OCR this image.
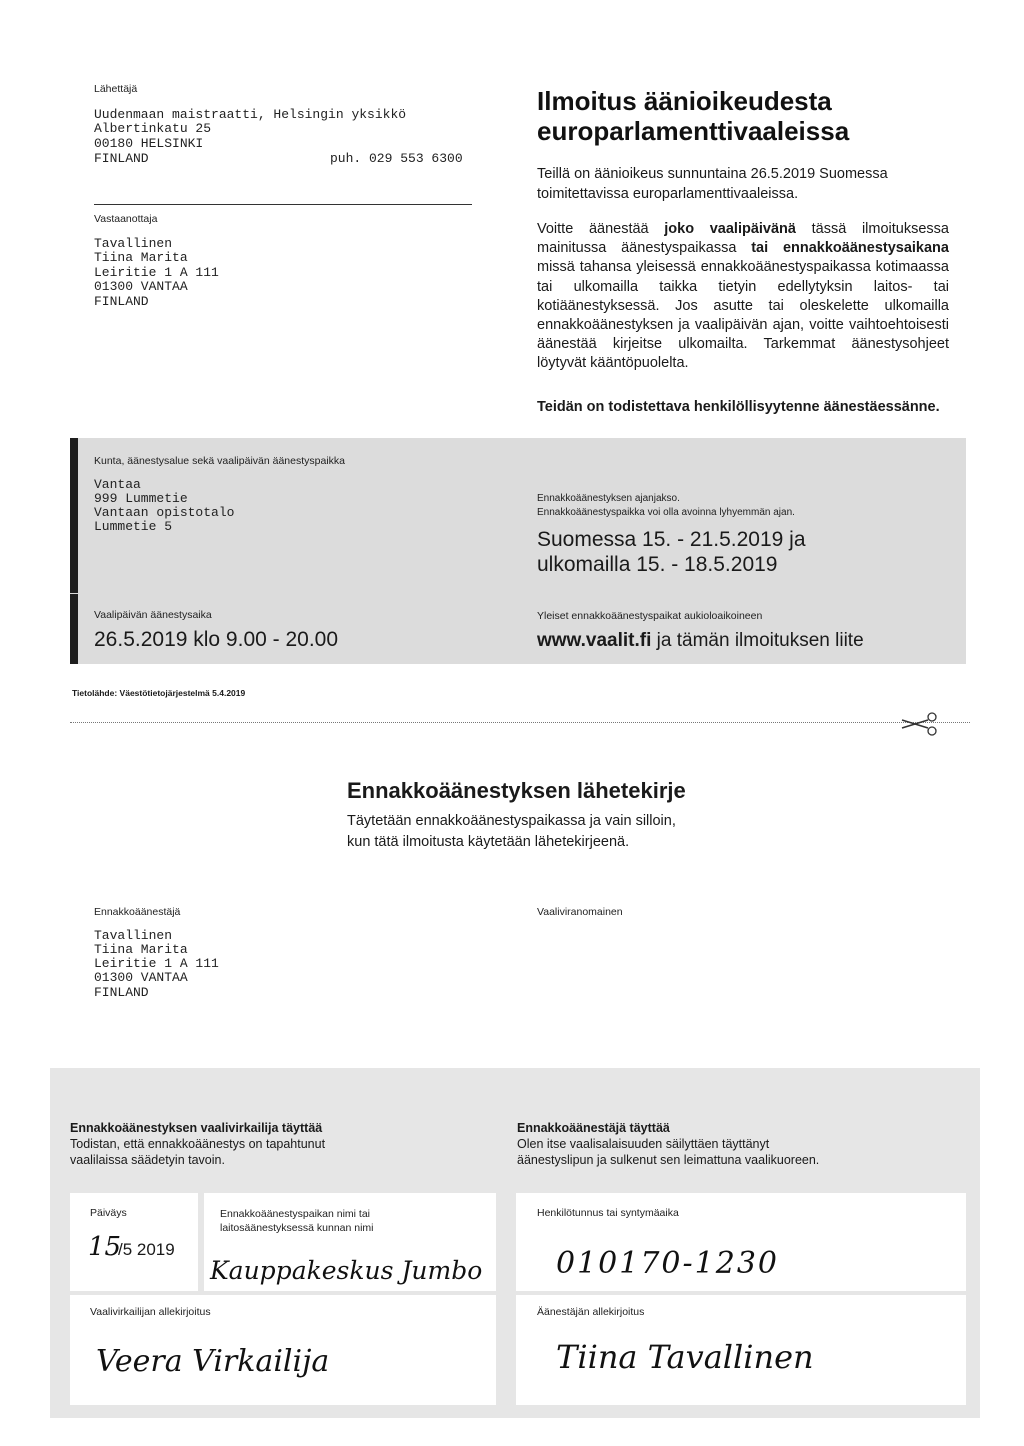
Lähettäjä
Uudenmaan maistraatti, Helsingin yksikkö
Albertinkatu 25
00180 HELSINKI
FINLAND	puh. 029 553 6300
Vastaanottaja
Tavallinen
Tiina Marita
Leiritie 1 A 111
01300 VANTAA
FINLAND
Ilmoitus äänioikeudesta
europarlamenttivaaleissa

Teillä on äänioikeus sunnuntaina 26.5.2019 Suomessa toimitettavissa europarlamenttivaaleissa.

Voitte äänestää joko vaalipäivänä tässä ilmoituksessa mainitussa äänestyspaikassa tai ennakkoäänestysaikana missä tahansa yleisessä ennakkoäänestyspaikassa kotimaassa tai ulkomailla taikka tietyin edellytyksin laitos- tai kotiäänestyksessä. Jos asutte tai oleskelette ulkomailla ennakkoäänestyksen ja vaalipäivän ajan, voitte vaihtoehtoisesti äänestää kirjeitse ulkomailta. Tarkemmat äänestysohjeet löytyvät kääntöpuolelta.

Teidän on todistettava henkilöllisyytenne äänestäessänne.
Kunta, äänestysalue sekä vaalipäivän äänestyspaikka
Vantaa
999 Lummetie
Vantaan opistotalo
Lummetie 5
Ennakkoäänestyksen ajanjakso.
Ennakkoäänestyspaikka voi olla avoinna lyhyemmän ajan.
Suomessa 15. - 21.5.2019 ja
ulkomailla 15. - 18.5.2019
Vaalipäivän äänestysaika
26.5.2019 klo 9.00 - 20.00
Yleiset ennakkoäänestyspaikat aukioloaikoineen
www.vaalit.fi ja tämän ilmoituksen liite
Tietolähde: Väestötietojärjestelmä 5.4.2019
Ennakkoäänestyksen lähetekirje
Täytetään ennakkoäänestyspaikassa ja vain silloin,
kun tätä ilmoitusta käytetään lähetekirjeenä.
Ennakkoäänestäjä
Tavallinen
Tiina Marita
Leiritie 1 A 111
01300 VANTAA
FINLAND
Vaaliviranomainen
Ennakkoäänestyksen vaalivirkailija täyttää
Todistan, että ennakkoäänestys on tapahtunut
vaalilaissa säädetyin tavoin.
Ennakkoäänestäjä täyttää
Olen itse vaalisalaisuuden säilyttäen täyttänyt
äänestyslipun ja sulkenut sen leimattuna vaalikuoreen.
Päiväys	Ennakkoäänestyspaikan nimi tai
laitosäänestyksessä kunnan nimi
Vaalivirkailijan allekirjoitus
Henkilötunnus tai syntymäaika
Äänestäjän allekirjoitus
15
/5 2019
Kauppakeskus Jumbo
Veera Virkailija
010170-1230
Tiina Tavallinen
